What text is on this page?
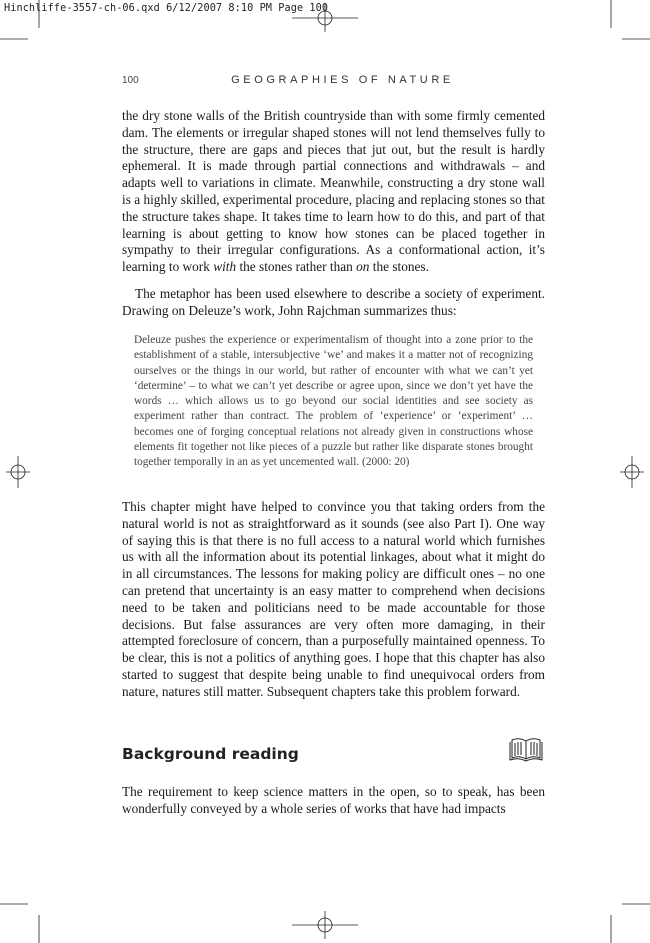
Hinchliffe-3557-ch-06.qxd 6/12/2007 8:10 PM Page 100
100	GEOGRAPHIES OF NATURE

the dry stone walls of the British countryside than with some firmly cemented dam. The elements or irregular shaped stones will not lend themselves fully to the structure, there are gaps and pieces that jut out, but the result is hardly ephemeral. It is made through partial connections and withdrawals – and adapts well to variations in climate. Meanwhile, constructing a dry stone wall is a highly skilled, experimental procedure, placing and replacing stones so that the structure takes shape. It takes time to learn how to do this, and part of that learning is about getting to know how stones can be placed together in sympathy to their irregular configurations. As a conformational action, it’s learning to work with the stones rather than on the stones.

The metaphor has been used elsewhere to describe a society of experiment. Drawing on Deleuze’s work, John Rajchman summarizes thus:

Deleuze pushes the experience or experimentalism of thought into a zone prior to the establishment of a stable, intersubjective ‘we’ and makes it a matter not of recognizing ourselves or the things in our world, but rather of encounter with what we can’t yet ‘determine’ – to what we can’t yet describe or agree upon, since we don’t yet have the words … which allows us to go beyond our social identities and see society as experiment rather than contract. The problem of ‘experience’ or ‘experiment’ … becomes one of forging conceptual relations not already given in constructions whose elements fit together not like pieces of a puzzle but rather like disparate stones brought together temporally in an as yet uncemented wall. (2000: 20)

This chapter might have helped to convince you that taking orders from the natural world is not as straightforward as it sounds (see also Part I). One way of saying this is that there is no full access to a natural world which furnishes us with all the information about its potential linkages, about what it might do in all circumstances. The lessons for making policy are difficult ones – no one can pretend that uncertainty is an easy matter to comprehend when decisions need to be taken and politicians need to be made accountable for those decisions. But false assurances are very often more damaging, in their attempted foreclosure of concern, than a purposefully maintained openness. To be clear, this is not a politics of anything goes. I hope that this chapter has also started to suggest that despite being unable to find unequivocal orders from nature, natures still matter. Subsequent chapters take this problem forward.

Background reading

The requirement to keep science matters in the open, so to speak, has been wonderfully conveyed by a whole series of works that have had impacts
